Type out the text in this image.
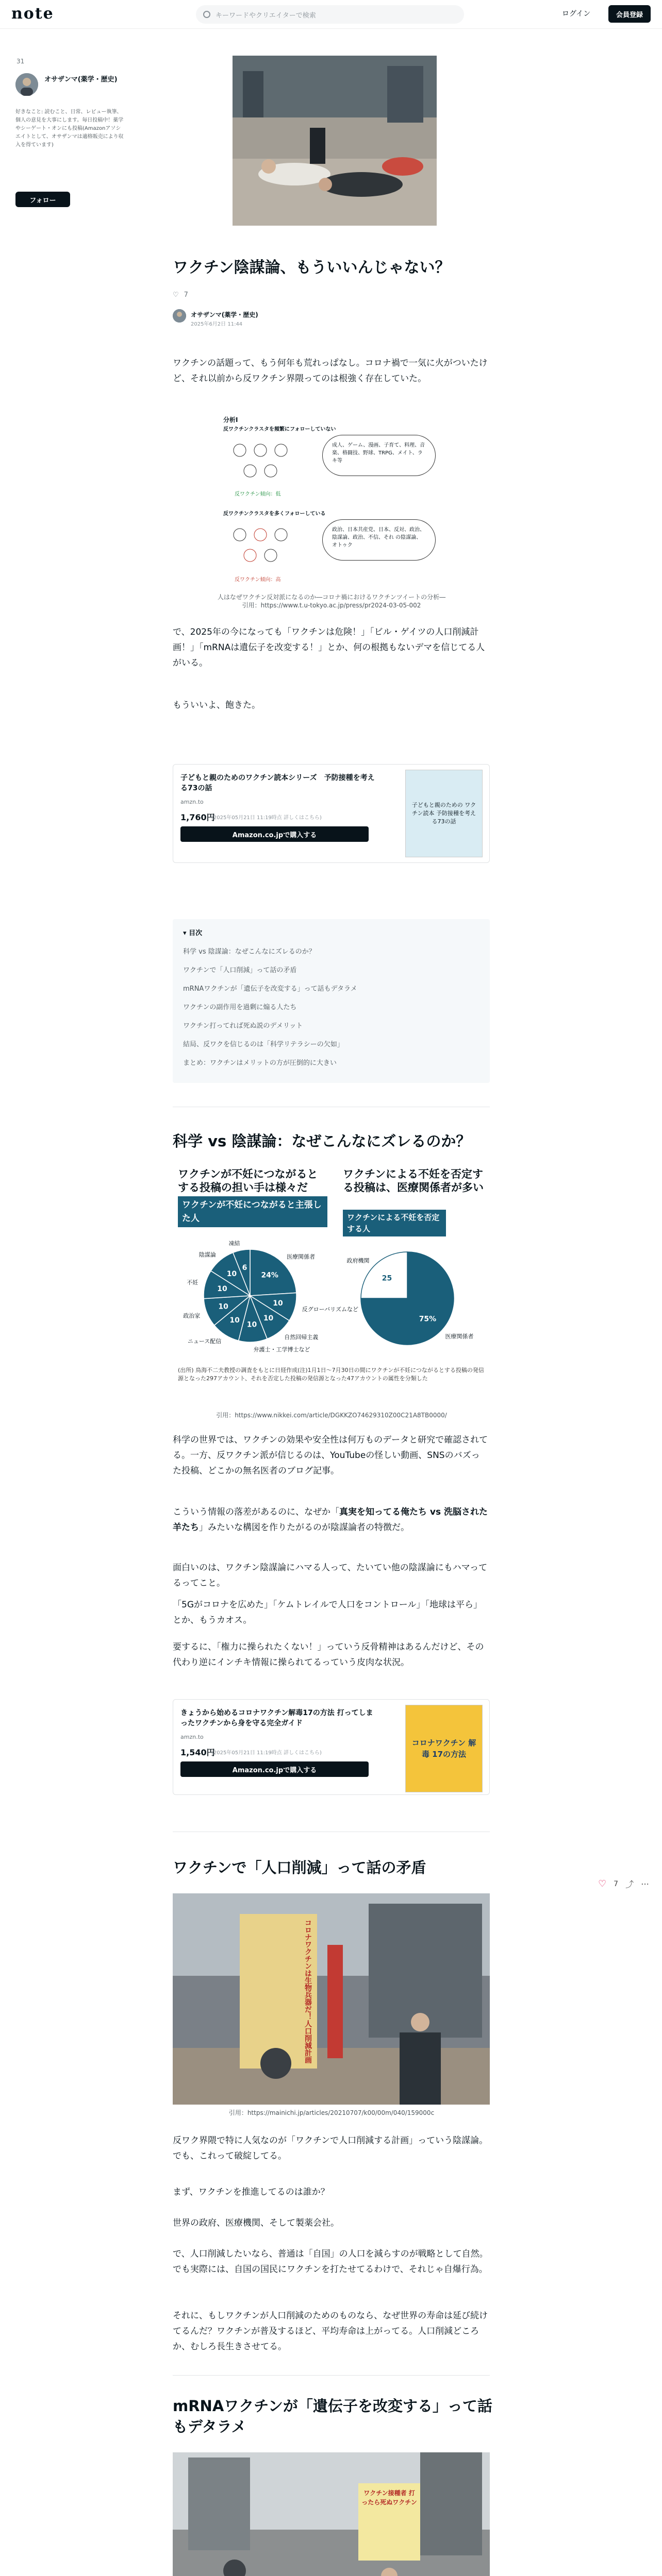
note	キーワードやクリエイターで検索	ログイン	会員登録
31
オサザンマ(薬学・歴史)
好きなこと: 読むこと、日常、レビュー執筆、個人の意見を大事にします。毎日投稿中！薬学やシーゲート・オンにも投稿(Amazonアソシエイトとして、オサザンマは適格販売により収入を得ています)
フォロー
ワクチン陰謀論、もういいんじゃない？
♡ 7
オサザンマ(薬学・歴史)
2025年6月2日 11:44
ワクチンの話題って、もう何年も荒れっぱなし。コロナ禍で一気に火がついたけど、それ以前から反ワクチン界隈ってのは根強く存在していた。
分析Ⅰ
反ワクチンクラスタを頻繁にフォローしていない
成人、ゲーム、漫画、子育て、料理、音楽、格闘技、野球、TRPG、メイト、ラキ等
反ワクチン傾向：低
反ワクチンクラスタを多くフォローしている
政治、日本共産党、日本、反対、政治、陰謀論、政治、不信、それ の陰謀論、オトゥク
反ワクチン傾向：高
人はなぜワクチン反対派になるのか―コロナ禍におけるワクチンツイートの分析―
引用：https://www.t.u-tokyo.ac.jp/press/pr2024-03-05-002
で、2025年の今になっても「ワクチンは危険！」「ビル・ゲイツの人口削減計画！」「mRNAは遺伝子を改変する！」とか、何の根拠もないデマを信じてる人がいる。
もういいよ、飽きた。
子どもと親のためのワクチン読本シリーズ　予防接種を考える73の話
amzn.to
1,760円
(2025年05月21日 11:19時点 詳しくはこちら)
Amazon.co.jpで購入する
子どもと親のための ワクチン読本 予防接種を考える73の話
▾ 目次
科学 vs 陰謀論：なぜこんなにズレるのか？
ワクチンで「人口削減」って話の矛盾
mRNAワクチンが「遺伝子を改変する」って話もデタラメ
ワクチンの副作用を過剰に煽る人たち
ワクチン打ってれば死ぬ説のデメリット
結局、反ワクを信じるのは「科学リテラシーの欠如」
まとめ：ワクチンはメリットの方が圧倒的に大きい
科学 vs 陰謀論：なぜこんなにズレるのか？
ワクチンが不妊につながるとする投稿の担い手は様々だ
ワクチンが不妊につながると主張した人
ワクチンによる不妊を否定する投稿は、医療関係者が多い
ワクチンによる不妊を否定する人
24%
10
10
10
10
10
10
10
6
医療関係者
反グローバリズムなど
自然回帰主義
弁護士・工学博士など
ニュース配信
政治家
不妊
陰謀論
凍結
75%
25
医療関係者
政府機関
(出所) 鳥海不二夫教授の調査をもとに日経作成(注)1月1日～7月30日の間にワクチンが不妊につながるとする投稿の発信源となった297アカウント、それを否定した投稿の発信源となった47アカウントの属性を分類した
引用：https://www.nikkei.com/article/DGKKZO74629310Z00C21A8TB0000/
科学の世界では、ワクチンの効果や安全性は何万ものデータと研究で確認されてる。一方、反ワクチン派が信じるのは、YouTubeの怪しい動画、SNSのバズった投稿、どこかの無名医者のブログ記事。
こういう情報の落差があるのに、なぜか「真実を知ってる俺たち vs 洗脳された羊たち」みたいな構図を作りたがるのが陰謀論者の特徴だ。
面白いのは、ワクチン陰謀論にハマる人って、たいてい他の陰謀論にもハマってるってこと。
「5Gがコロナを広めた」「ケムトレイルで人口をコントロール」「地球は平ら」とか、もうカオス。
要するに、「権力に操られたくない！」っていう反骨精神はあるんだけど、その代わり逆にインチキ情報に操られてるっていう皮肉な状況。
きょうから始めるコロナワクチン解毒17の方法 打ってしまったワクチンから身を守る完全ガイド
amzn.to
1,540円
(2025年05月21日 11:19時点 詳しくはこちら)
Amazon.co.jpで購入する
コロナワクチン 解毒 17の方法
ワクチンで「人口削減」って話の矛盾
コロナワクチンは生物兵器だ！人口削減計画
引用：https://mainichi.jp/articles/20210707/k00/00m/040/159000c
反ワク界隈で特に人気なのが「ワクチンで人口削減する計画」っていう陰謀論。でも、これって破綻してる。
まず、ワクチンを推進してるのは誰か？
世界の政府、医療機関、そして製薬会社。
で、人口削減したいなら、普通は「自国」の人口を減らすのが戦略として自然。でも実際には、自国の国民にワクチンを打たせてるわけで、それじゃ自爆行為。
それに、もしワクチンが人口削減のためのものなら、なぜ世界の寿命は延び続けてるんだ？ワクチンが普及するほど、平均寿命は上がってる。人口削減どころか、むしろ長生きさせてる。
mRNAワクチンが「遺伝子を改変する」って話もデタラメ
ワクチン接種者 打ったら死ぬワクチン
♡ 7 ⤴ ⋯
